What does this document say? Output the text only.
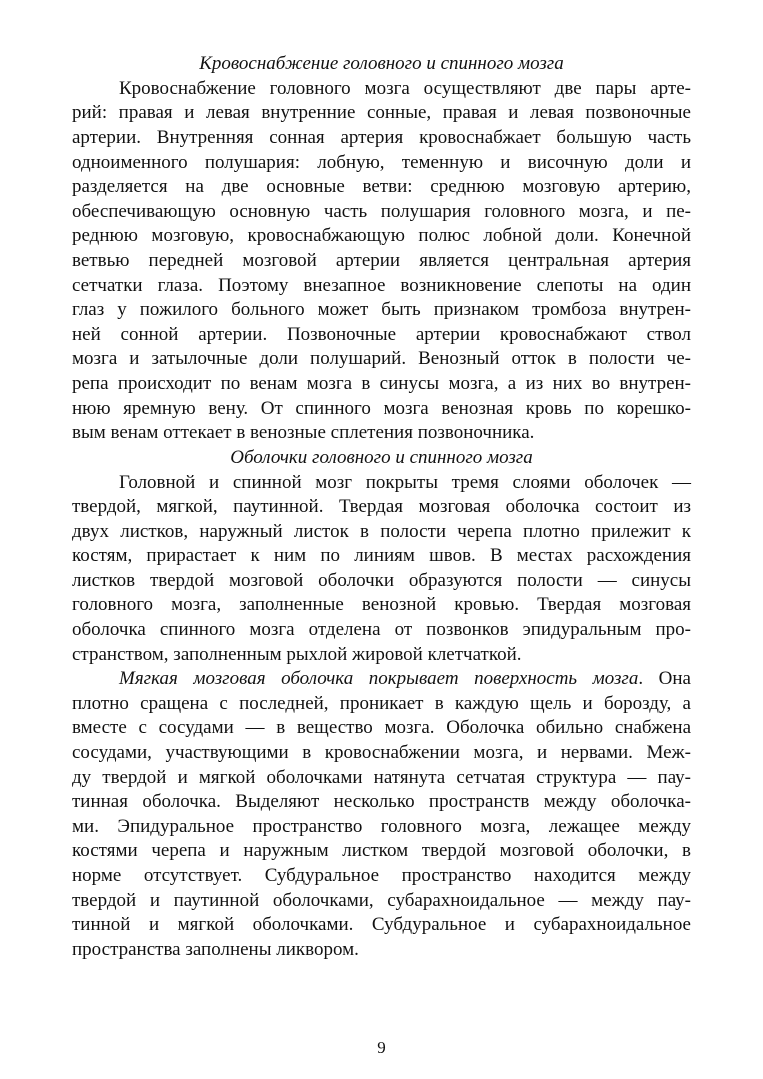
Кровоснабжение головного и спинного мозга

Кровоснабжение головного мозга осуществляют две пары арте-
рий: правая и левая внутренние сонные, правая и левая позвоночные
артерии. Внутренняя сонная артерия кровоснабжает большую часть
одноименного полушария: лобную, теменную и височную доли и
разделяется на две основные ветви: среднюю мозговую артерию,
обеспечивающую основную часть полушария головного мозга, и пе-
реднюю мозговую, кровоснабжающую полюс лобной доли. Конечной
ветвью передней мозговой артерии является центральная артерия
сетчатки глаза. Поэтому внезапное возникновение слепоты на один
глаз у пожилого больного может быть признаком тромбоза внутрен-
ней сонной артерии. Позвоночные артерии кровоснабжают ствол
мозга и затылочные доли полушарий. Венозный отток в полости че-
репа происходит по венам мозга в синусы мозга, а из них во внутрен-
нюю яремную вену. От спинного мозга венозная кровь по корешко-
вым венам оттекает в венозные сплетения позвоночника.

Оболочки головного и спинного мозга

Головной и спинной мозг покрыты тремя слоями оболочек —
твердой, мягкой, паутинной. Твердая мозговая оболочка состоит из
двух листков, наружный листок в полости черепа плотно прилежит к
костям, прирастает к ним по линиям швов. В местах расхождения
листков твердой мозговой оболочки образуются полости — синусы
головного мозга, заполненные венозной кровью. Твердая мозговая
оболочка спинного мозга отделена от позвонков эпидуральным про-
странством, заполненным рыхлой жировой клетчаткой.
Мягкая мозговая оболочка покрывает поверхность мозга. Она
плотно сращена с последней, проникает в каждую щель и борозду, а
вместе с сосудами — в вещество мозга. Оболочка обильно снабжена
сосудами, участвующими в кровоснабжении мозга, и нервами. Меж-
ду твердой и мягкой оболочками натянута сетчатая структура — пау-
тинная оболочка. Выделяют несколько пространств между оболочка-
ми. Эпидуральное пространство головного мозга, лежащее между
костями черепа и наружным листком твердой мозговой оболочки, в
норме отсутствует. Субдуральное пространство находится между
твердой и паутинной оболочками, субарахноидальное — между пау-
тинной и мягкой оболочками. Субдуральное и субарахноидальное
пространства заполнены ликвором.
9
